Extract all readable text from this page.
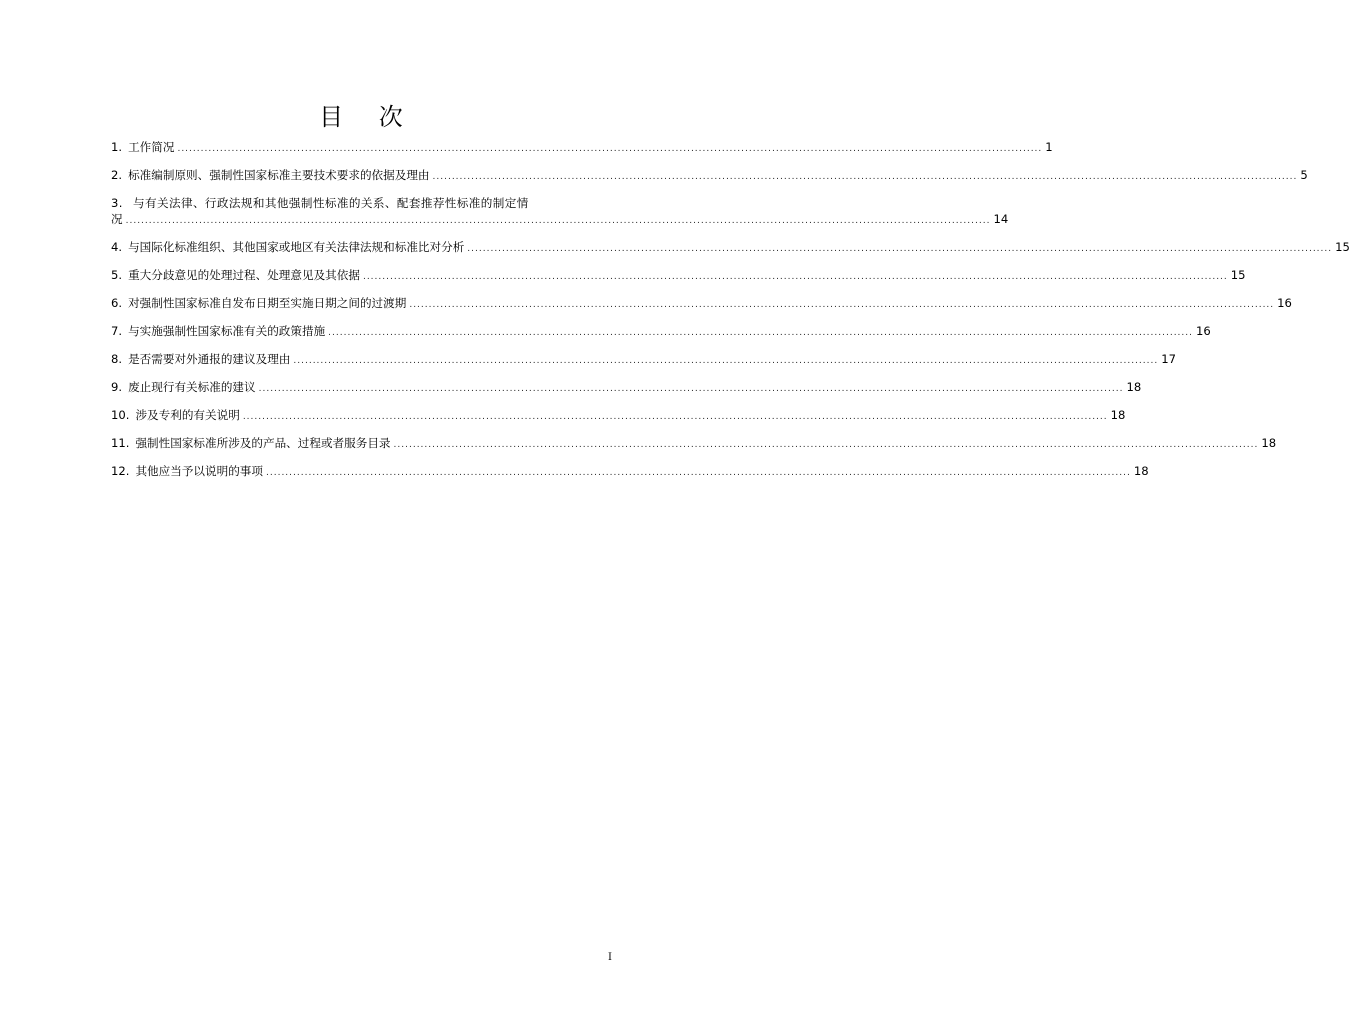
目 次
1. 工作简况 .....	1
2. 标准编制原则、强制性国家标准主要技术要求的依据及理由 .....	5
3. 与有关法律、行政法规和其他强制性标准的关系、配套推荐性标准的制定情
况 .....	14
4. 与国际化标准组织、其他国家或地区有关法律法规和标准比对分析 .....	15
5. 重大分歧意见的处理过程、处理意见及其依据 .....	15
6. 对强制性国家标准自发布日期至实施日期之间的过渡期 .....	16
7. 与实施强制性国家标准有关的政策措施 .....	16
8. 是否需要对外通报的建议及理由 .....	17
9. 废止现行有关标准的建议 .....	18
10. 涉及专利的有关说明 .....	18
11. 强制性国家标准所涉及的产品、过程或者服务目录 .....	18
12. 其他应当予以说明的事项 .....	18
I
